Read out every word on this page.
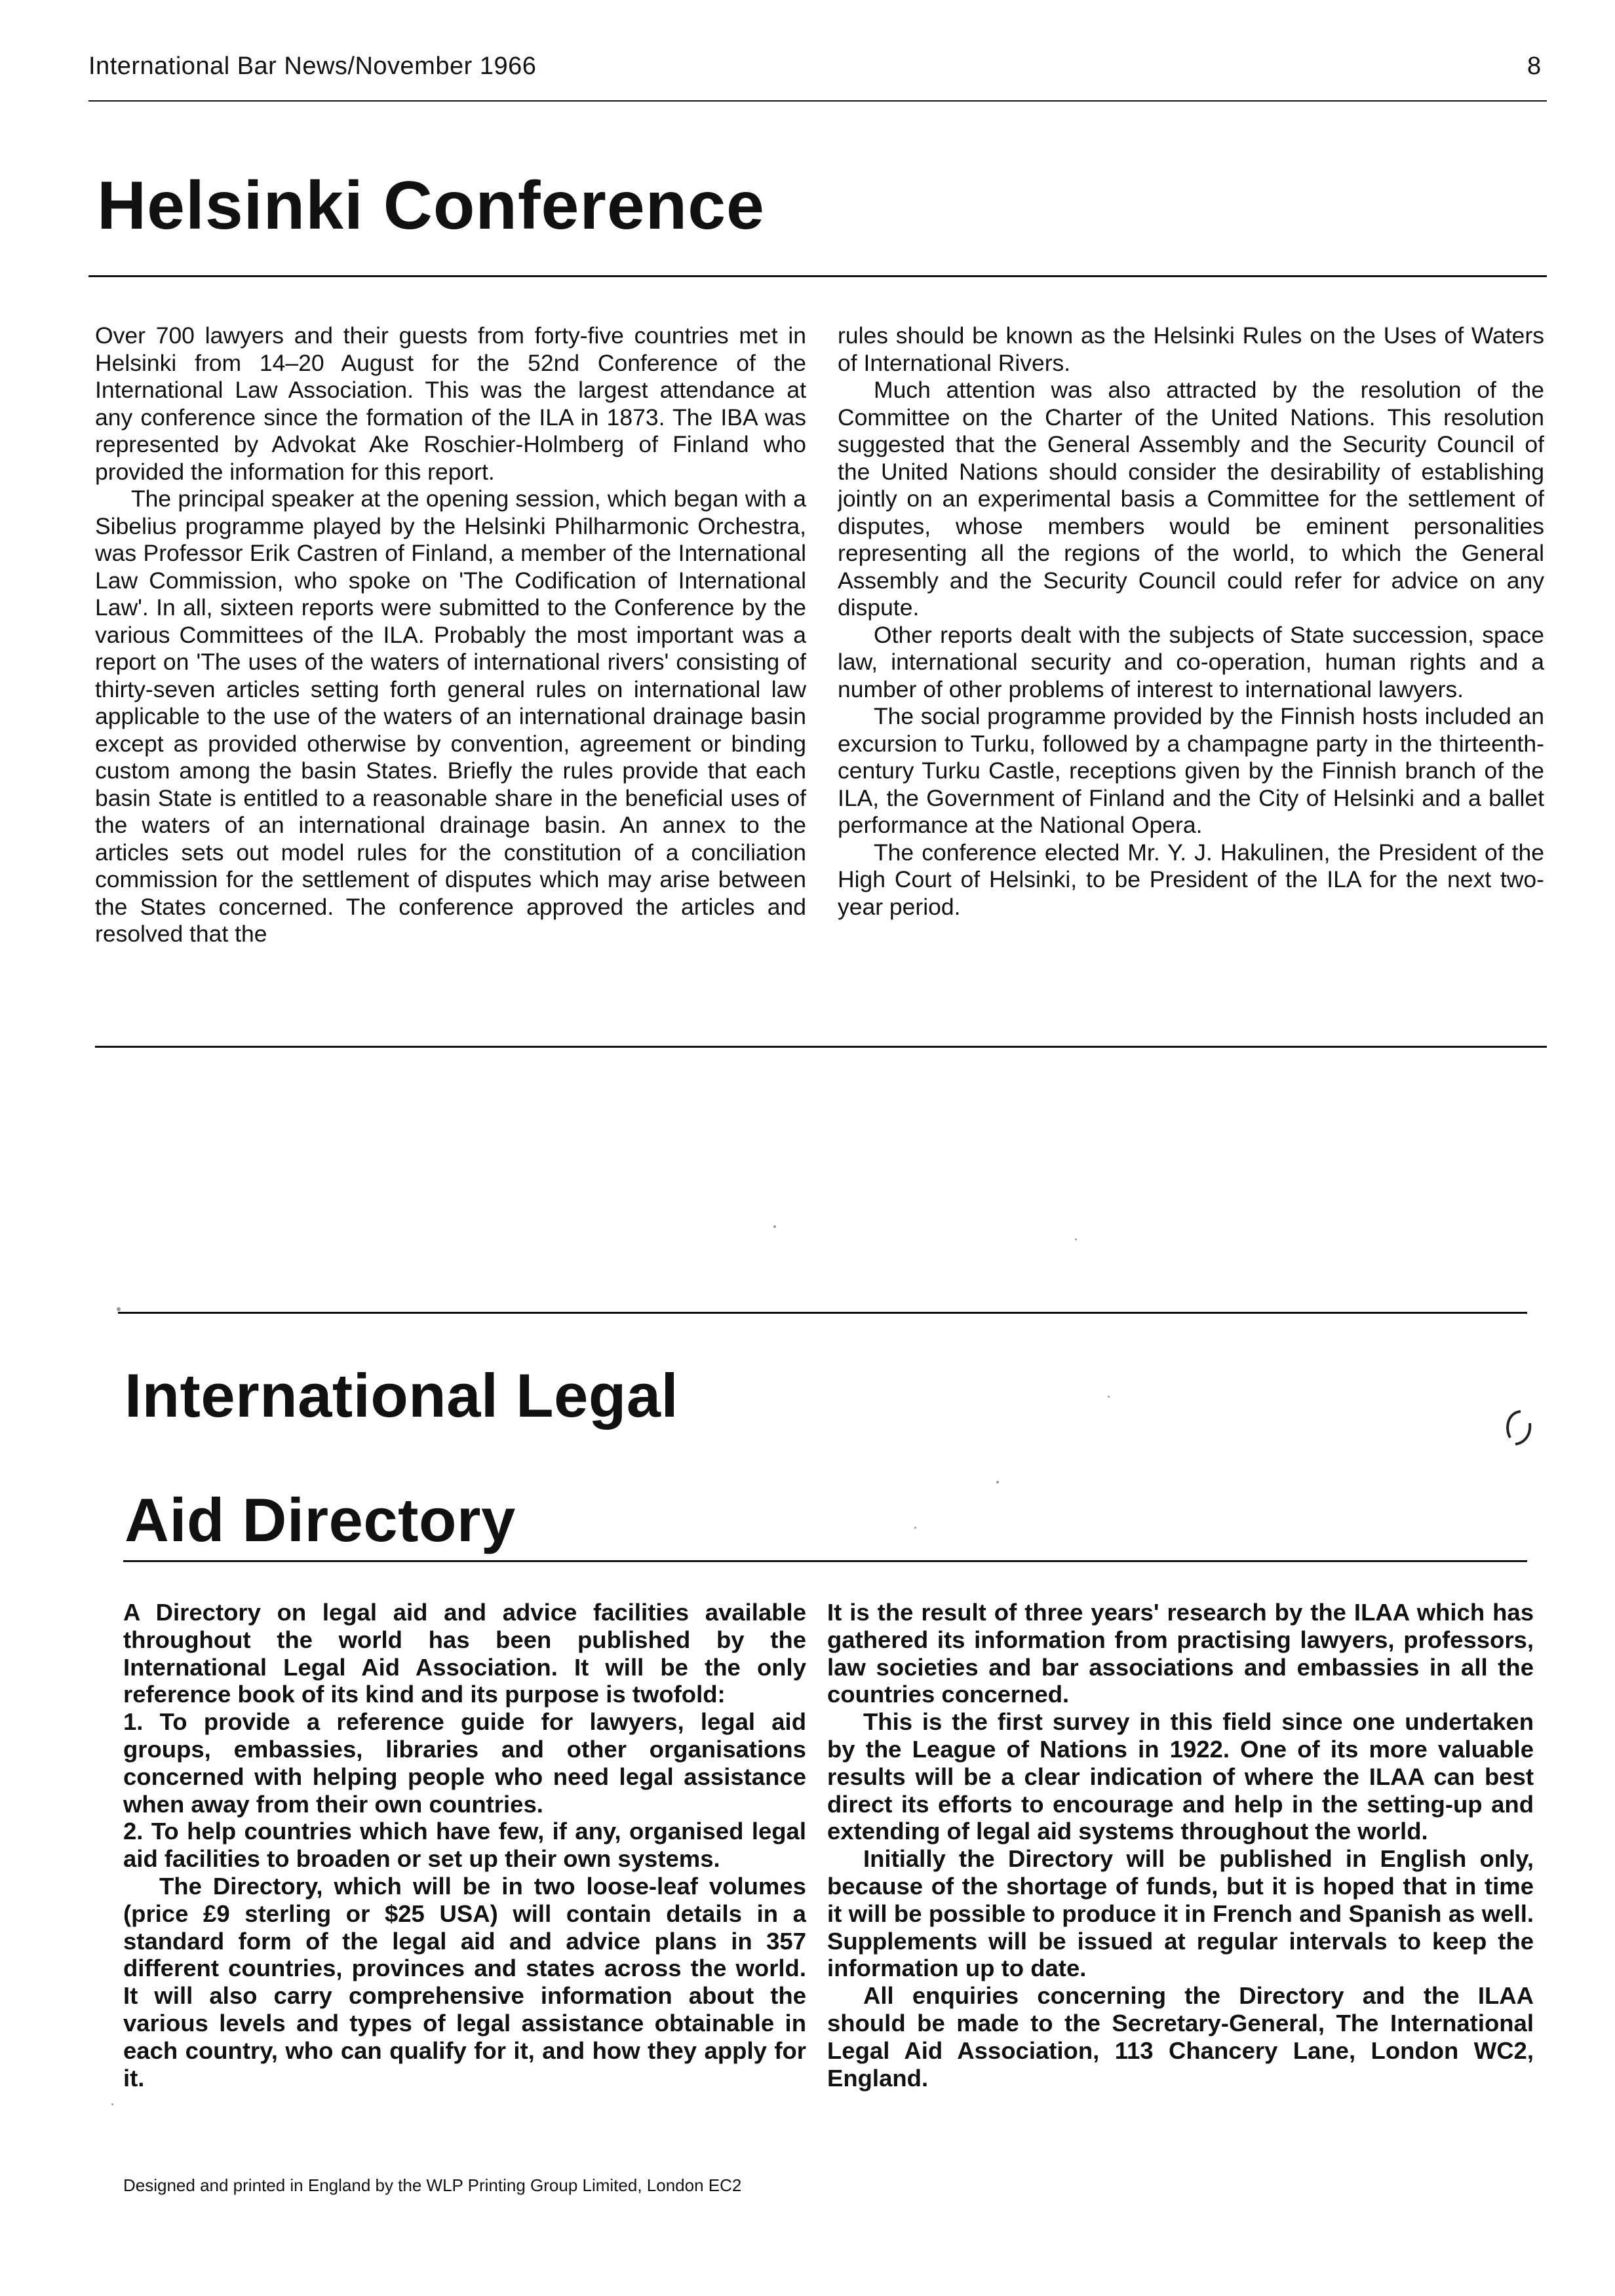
International Bar News/November 1966	8
Helsinki Conference

Over 700 lawyers and their guests from forty-five countries met in Helsinki from 14–20 August for the 52nd Conference of the International Law Association. This was the largest attendance at any conference since the formation of the ILA in 1873. The IBA was represented by Advokat Ake Roschier-Holmberg of Finland who provided the information for this report.

The principal speaker at the opening session, which began with a Sibelius programme played by the Helsinki Philharmonic Orchestra, was Professor Erik Castren of Finland, a member of the International Law Commission, who spoke on 'The Codification of International Law'. In all, sixteen reports were submitted to the Conference by the various Committees of the ILA. Probably the most important was a report on 'The uses of the waters of international rivers' consisting of thirty-seven articles setting forth general rules on international law applicable to the use of the waters of an international drainage basin except as provided otherwise by convention, agreement or binding custom among the basin States. Briefly the rules provide that each basin State is entitled to a reasonable share in the beneficial uses of the waters of an international drainage basin. An annex to the articles sets out model rules for the constitution of a conciliation commission for the settlement of disputes which may arise between the States concerned. The conference approved the articles and resolved that the

rules should be known as the Helsinki Rules on the Uses of Waters of International Rivers.

Much attention was also attracted by the resolution of the Committee on the Charter of the United Nations. This resolution suggested that the General Assembly and the Security Council of the United Nations should consider the desirability of establishing jointly on an experimental basis a Committee for the settlement of disputes, whose members would be eminent personalities representing all the regions of the world, to which the General Assembly and the Security Council could refer for advice on any dispute.

Other reports dealt with the subjects of State succession, space law, international security and co-operation, human rights and a number of other problems of interest to international lawyers.

The social programme provided by the Finnish hosts included an excursion to Turku, followed by a champagne party in the thirteenth-century Turku Castle, receptions given by the Finnish branch of the ILA, the Government of Finland and the City of Helsinki and a ballet performance at the National Opera.

The conference elected Mr. Y. J. Hakulinen, the President of the High Court of Helsinki, to be President of the ILA for the next two-year period.

International Legal
Aid Directory

A Directory on legal aid and advice facilities available throughout the world has been published by the International Legal Aid Association. It will be the only reference book of its kind and its purpose is twofold:

1. To provide a reference guide for lawyers, legal aid groups, embassies, libraries and other organisations concerned with helping people who need legal assistance when away from their own countries.

2. To help countries which have few, if any, organised legal aid facilities to broaden or set up their own systems.

The Directory, which will be in two loose-leaf volumes (price £9 sterling or $25 USA) will contain details in a standard form of the legal aid and advice plans in 357 different countries, provinces and states across the world. It will also carry comprehensive information about the various levels and types of legal assistance obtainable in each country, who can qualify for it, and how they apply for it.

It is the result of three years' research by the ILAA which has gathered its information from practising lawyers, professors, law societies and bar associations and embassies in all the countries concerned.

This is the first survey in this field since one undertaken by the League of Nations in 1922. One of its more valuable results will be a clear indication of where the ILAA can best direct its efforts to encourage and help in the setting-up and extending of legal aid systems throughout the world.

Initially the Directory will be published in English only, because of the shortage of funds, but it is hoped that in time it will be possible to produce it in French and Spanish as well. Supplements will be issued at regular intervals to keep the information up to date.

All enquiries concerning the Directory and the ILAA should be made to the Secretary-General, The International Legal Aid Association, 113 Chancery Lane, London WC2, England.

Designed and printed in England by the WLP Printing Group Limited, London EC2
